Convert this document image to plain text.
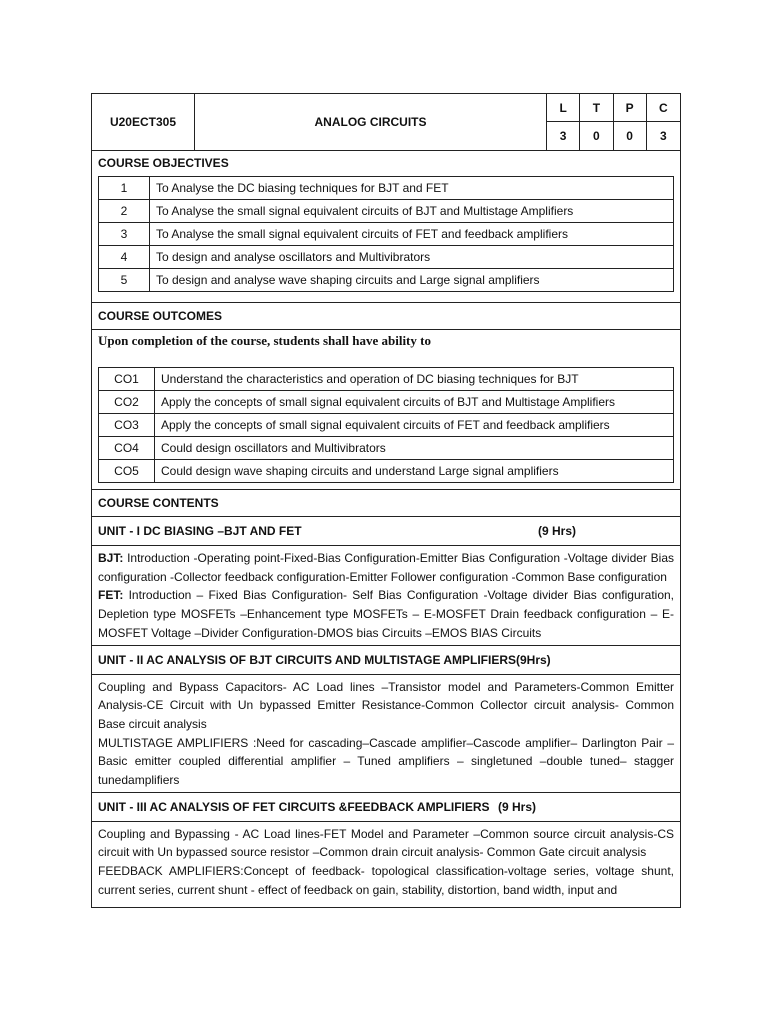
U20ECT305	ANALOG CIRCUITS
L	T	P	C
3	0	0	3
COURSE OBJECTIVES
1	To Analyse the DC biasing techniques for BJT and FET
2	To Analyse the small signal equivalent circuits of BJT and Multistage Amplifiers
3	To Analyse the small signal equivalent circuits of FET and feedback amplifiers
4	To design and analyse oscillators and Multivibrators
5	To design and analyse wave shaping circuits and Large signal amplifiers
COURSE OUTCOMES
Upon completion of the course, students shall have ability to
CO1	Understand the characteristics and operation of DC biasing techniques for BJT
CO2	Apply the concepts of small signal equivalent circuits of BJT and Multistage Amplifiers
CO3	Apply the concepts of small signal equivalent circuits of FET and feedback amplifiers
CO4	Could design oscillators and Multivibrators
CO5	Could design wave shaping circuits and understand Large signal amplifiers
COURSE CONTENTS
UNIT - I DC BIASING –BJT AND FET	(9 Hrs)

BJT: Introduction -Operating point-Fixed-Bias Configuration-Emitter Bias Configuration -Voltage divider Bias configuration -Collector feedback configuration-Emitter Follower configuration -Common Base configuration

FET: Introduction – Fixed Bias Configuration- Self Bias Configuration -Voltage divider Bias configuration, Depletion type MOSFETs –Enhancement type MOSFETs – E-MOSFET Drain feedback configuration – E-MOSFET Voltage –Divider Configuration-DMOS bias Circuits –EMOS BIAS Circuits

UNIT - II AC ANALYSIS OF BJT CIRCUITS AND MULTISTAGE AMPLIFIERS(9Hrs)

Coupling and Bypass Capacitors- AC Load lines –Transistor model and Parameters-Common Emitter Analysis-CE Circuit with Un bypassed Emitter Resistance-Common Collector circuit analysis- Common Base circuit analysis

MULTISTAGE AMPLIFIERS :Need for cascading–Cascade amplifier–Cascode amplifier– Darlington Pair – Basic emitter coupled differential amplifier – Tuned amplifiers – singletuned –double tuned– stagger tunedamplifiers

UNIT - III AC ANALYSIS OF FET CIRCUITS &FEEDBACK AMPLIFIERS (9 Hrs)

Coupling and Bypassing - AC Load lines-FET Model and Parameter –Common source circuit analysis-CS circuit with Un bypassed source resistor –Common drain circuit analysis- Common Gate circuit analysis

FEEDBACK AMPLIFIERS:Concept of feedback- topological classification-voltage series, voltage shunt, current series, current shunt - effect of feedback on gain, stability, distortion, band width, input and
